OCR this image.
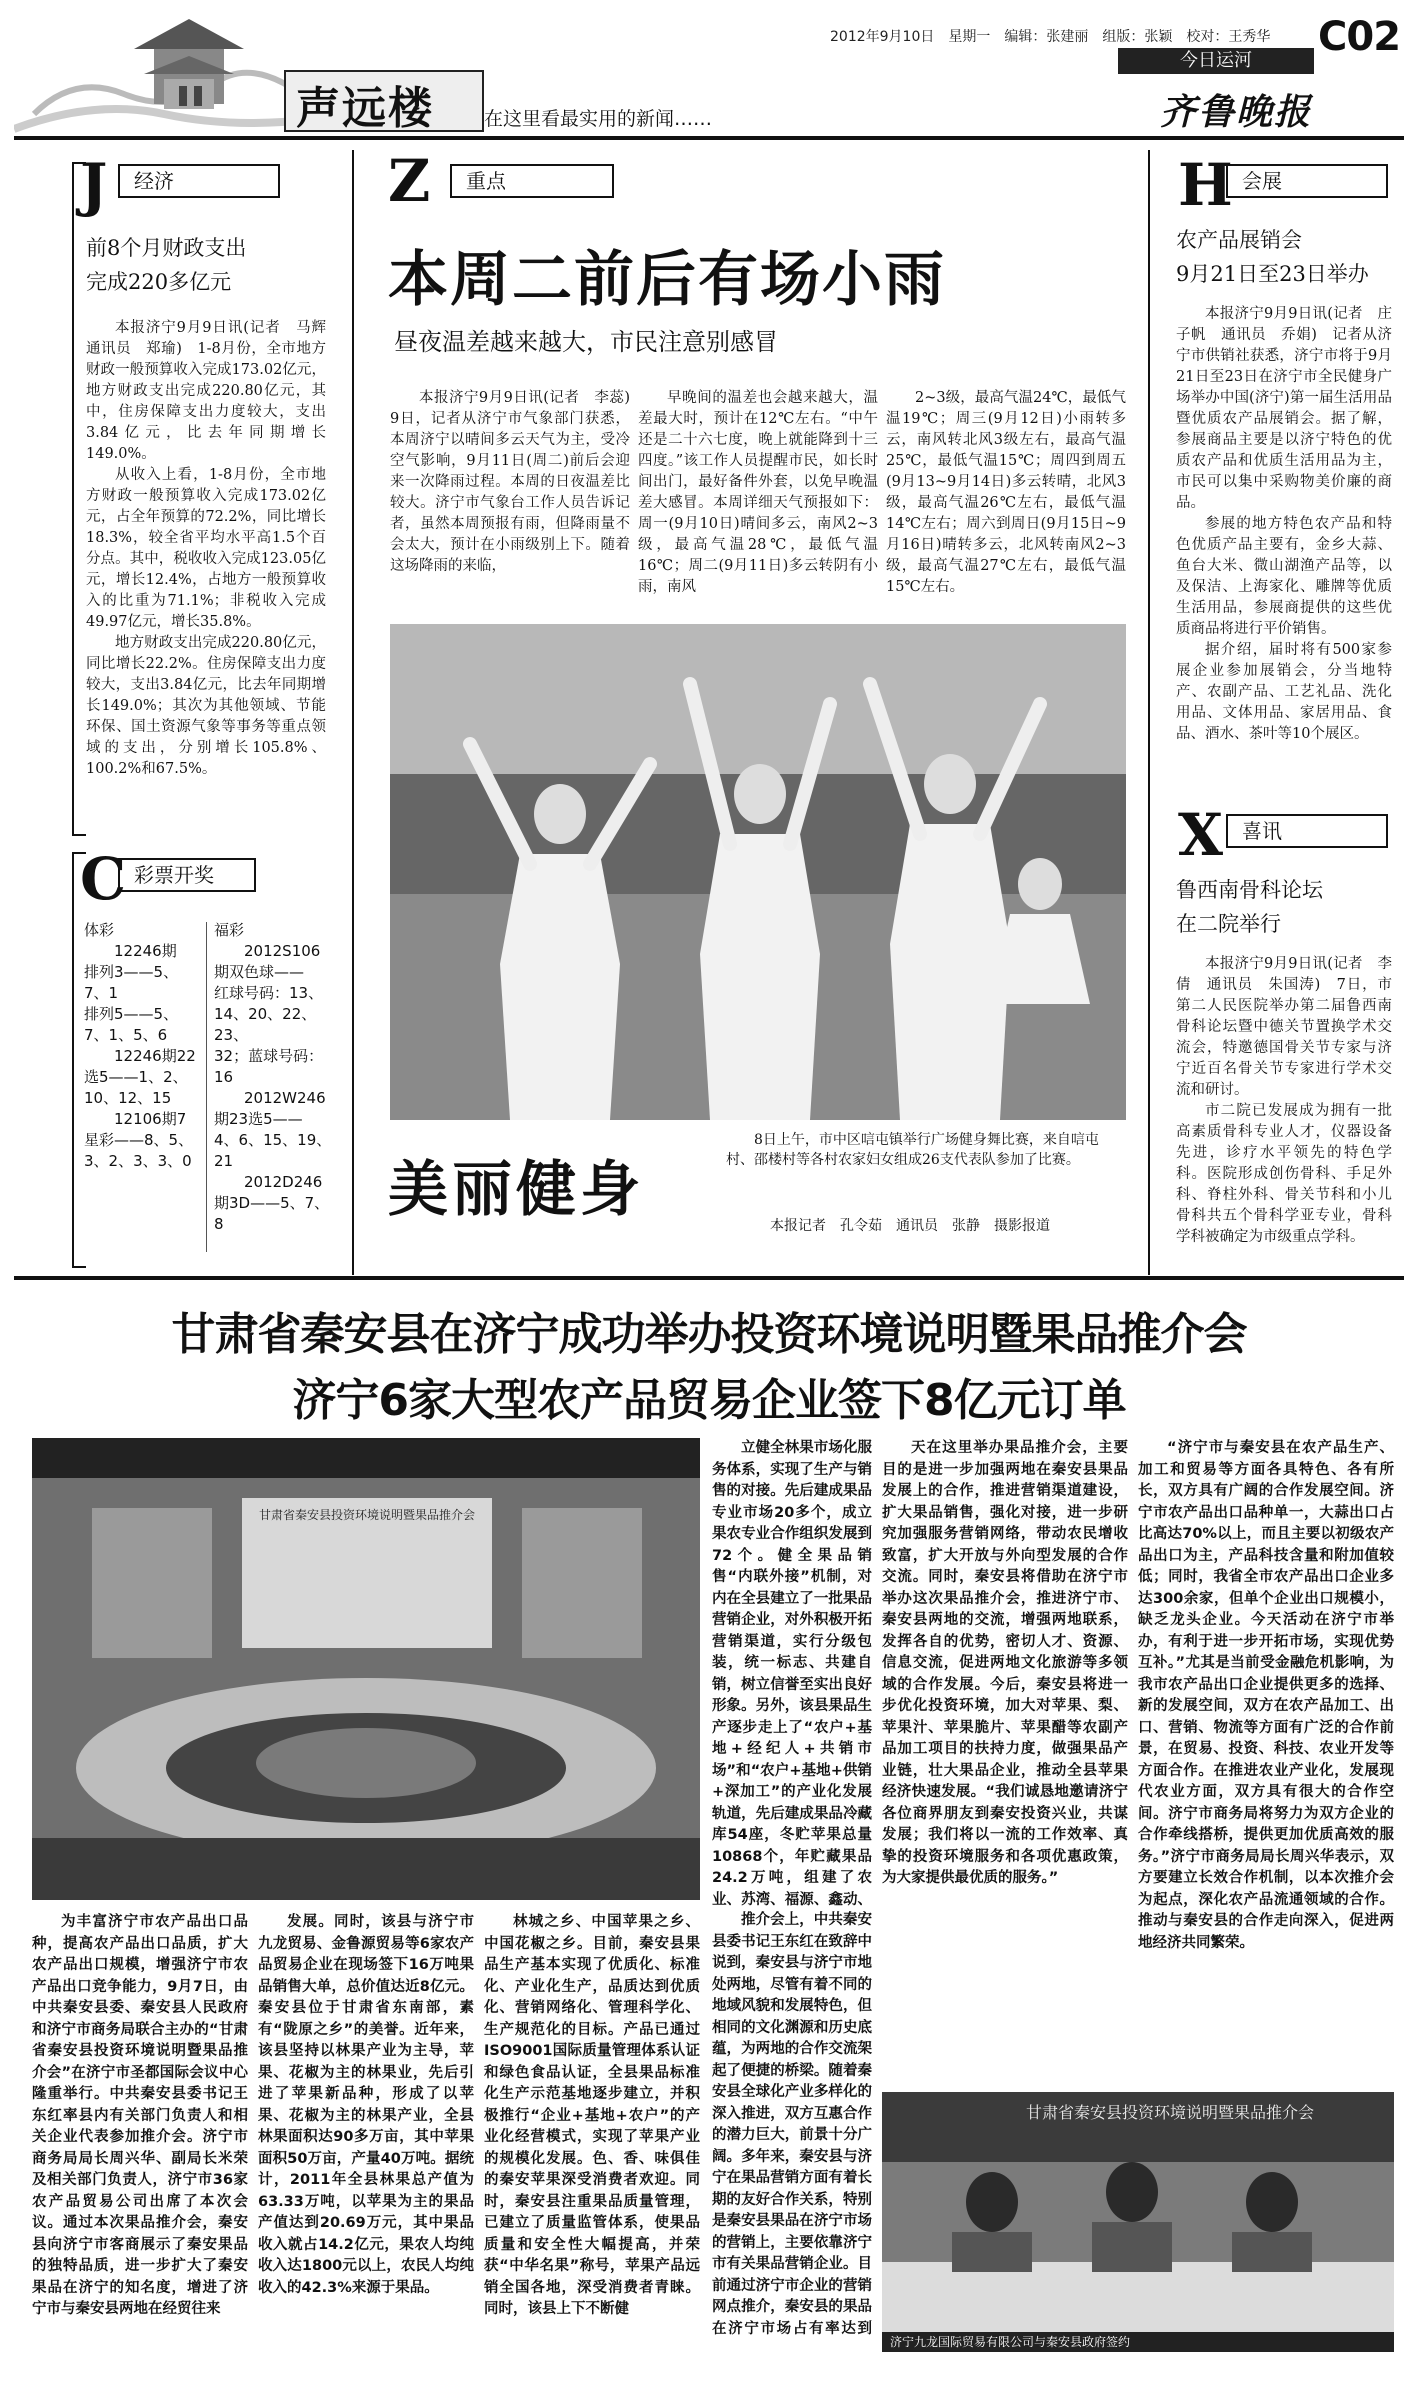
2012年9月10日　星期一　编辑：张建丽　组版：张颖　校对：王秀华 C02
今日运河
齐鲁晚报
声远楼	在这里看最实用的新闻……
J	经济
前8个月财政支出
完成220多亿元

本报济宁9月9日讯(记者　马辉　通讯员　郑瑜)　1-8月份，全市地方财政一般预算收入完成173.02亿元，地方财政支出完成220.80亿元，其中，住房保障支出力度较大，支出3.84亿元，比去年同期增长149.0%。

从收入上看，1-8月份，全市地方财政一般预算收入完成173.02亿元，占全年预算的72.2%，同比增长18.3%，较全省平均水平高1.5个百分点。其中，税收收入完成123.05亿元，增长12.4%，占地方一般预算收入的比重为71.1%；非税收入完成49.97亿元，增长35.8%。

地方财政支出完成220.80亿元，同比增长22.2%。住房保障支出力度较大，支出3.84亿元，比去年同期增长149.0%；其次为其他领域、节能环保、国土资源气象等事务等重点领域的支出，分别增长105.8%、100.2%和67.5%。

C 彩票开奖
体彩
　　12246期
排列3——5、
7、1
排列5——5、
7、1、5、6
　　12246期22
选5——1、2、
10、12、15
　　12106期7
星彩——8、5、
3、2、3、3、0
福彩
　　2012S106
期双色球——
红球号码：13、
14、20、22、23、
32；蓝球号码：
16
　　2012W246
期23选5——
4、6、15、19、21
　　2012D246
期3D——5、7、
8
Z	重点
本周二前后有场小雨
昼夜温差越来越大，市民注意别感冒
本报济宁9月9日讯(记者　李蕊)　9日，记者从济宁市气象部门获悉，本周济宁以晴间多云天气为主，受冷空气影响，9月11日(周二)前后会迎来一次降雨过程。本周的日夜温差比较大。济宁市气象台工作人员告诉记者，虽然本周预报有雨，但降雨量不会太大，预计在小雨级别上下。随着这场降雨的来临，
早晚间的温差也会越来越大，温差最大时，预计在12℃左右。“中午还是二十六七度，晚上就能降到十三四度。”该工作人员提醒市民，如长时间出门，最好备件外套，以免早晚温差大感冒。本周详细天气预报如下：周一(9月10日)晴间多云，南风2~3级，最高气温28℃，最低气温16℃；周二(9月11日)多云转阴有小雨，南风
2~3级，最高气温24℃，最低气温19℃；周三(9月12日)小雨转多云，南风转北风3级左右，最高气温25℃，最低气温15℃；周四到周五(9月13~9月14日)多云转晴，北风3级，最高气温26℃左右，最低气温14℃左右；周六到周日(9月15日~9月16日)晴转多云，北风转南风2~3级，最高气温27℃左右，最低气温15℃左右。
美丽健身
8日上午，市中区唁屯镇举行广场健身舞比赛，来自唁屯村、邵楼村等各村农家妇女组成26支代表队参加了比赛。
本报记者　孔令茹　通讯员　张静　摄影报道
H 会展
农产品展销会
9月21日至23日举办

本报济宁9月9日讯(记者　庄子帆　通讯员　乔娟)　记者从济宁市供销社获悉，济宁市将于9月21日至23日在济宁市全民健身广场举办中国(济宁)第一届生活用品暨优质农产品展销会。据了解，参展商品主要是以济宁特色的优质农产品和优质生活用品为主，市民可以集中采购物美价廉的商品。

参展的地方特色农产品和特色优质产品主要有，金乡大蒜、鱼台大米、微山湖渔产品等，以及保洁、上海家化、雕牌等优质生活用品，参展商提供的这些优质商品将进行平价销售。

据介绍，届时将有500家参展企业参加展销会，分当地特产、农副产品、工艺礼品、洗化用品、文体用品、家居用品、食品、酒水、茶叶等10个展区。

X 喜讯
鲁西南骨科论坛
在二院举行

本报济宁9月9日讯(记者　李倩　通讯员　朱国涛)　7日，市第二人民医院举办第二届鲁西南骨科论坛暨中德关节置换学术交流会，特邀德国骨关节专家与济宁近百名骨关节专家进行学术交流和研讨。

市二院已发展成为拥有一批高素质骨科专业人才，仪器设备先进，诊疗水平领先的特色学科。医院形成创伤骨科、手足外科、脊柱外科、骨关节科和小儿骨科共五个骨科学亚专业，骨科学科被确定为市级重点学科。

甘肃省秦安县在济宁成功举办投资环境说明暨果品推介会
济宁6家大型农产品贸易企业签下8亿元订单
甘肃省秦安县投资环境说明暨果品推介会
立健全林果市场化服务体系，实现了生产与销售的对接。先后建成果品专业市场20多个，成立果农专业合作组织发展到72个。健全果品销售“内联外接”机制，对内在全县建立了一批果品营销企业，对外积极开拓营销渠道，实行分级包装，统一标志、共建自销，树立信誉至实出良好形象。另外，该县果品生产逐步走上了“农户+基地+经纪人+共销市场”和“农户+基地+供销+深加工”的产业化发展轨道，先后建成果品冷藏库54座，冬贮苹果总量10868个，年贮藏果品24.2万吨，组建了农业、苏湾、福源、鑫动、
推介会上，中共秦安县委书记王东红在致辞中说到，秦安县与济宁市地处两地，尽管有着不同的地域风貌和发展特色，但相同的文化渊源和历史底蕴，为两地的合作交流架起了便捷的桥梁。随着秦安县全球化产业多样化的深入推进，双方互惠合作的潜力巨大，前景十分广阔。多年来，秦安县与济宁在果品营销方面有着长期的友好合作关系，特别是秦安县果品在济宁市场的营销上，主要依靠济宁市有关果品营销企业。目前通过济宁市企业的营销网点推介，秦安县的果品在济宁市场占有率达到
天在这里举办果品推介会，主要目的是进一步加强两地在秦安县果品发展上的合作，推进营销渠道建设，扩大果品销售，强化对接，进一步研究加强服务营销网络，带动农民增收致富，扩大开放与外向型发展的合作交流。同时，秦安县将借助在济宁市举办这次果品推介会，推进济宁市、秦安县两地的交流，增强两地联系，发挥各自的优势，密切人才、资源、信息交流，促进两地文化旅游等多领域的合作发展。今后，秦安县将进一步优化投资环境，加大对苹果、梨、苹果汁、苹果脆片、苹果醋等农副产品加工项目的扶持力度，做强果品产业链，壮大果品企业，推动全县苹果经济快速发展。“我们诚恳地邀请济宁各位商界朋友到秦安投资兴业，共谋发展；我们将以一流的工作效率、真挚的投资环境服务和各项优惠政策，为大家提供最优质的服务。”
“济宁市与秦安县在农产品生产、加工和贸易等方面各具特色、各有所长，双方具有广阔的合作发展空间。济宁市农产品出口品种单一，大蒜出口占比高达70%以上，而且主要以初级农产品出口为主，产品科技含量和附加值较低；同时，我省全市农产品出口企业多达300余家，但单个企业出口规模小，缺乏龙头企业。今天活动在济宁市举办，有利于进一步开拓市场，实现优势互补。”尤其是当前受金融危机影响，为我市农产品出口企业提供更多的选择、新的发展空间，双方在农产品加工、出口、营销、物流等方面有广泛的合作前景，在贸易、投资、科技、农业开发等方面合作。在推进农业产业化，发展现代农业方面，双方具有很大的合作空间。济宁市商务局将努力为双方企业的合作牵线搭桥，提供更加优质高效的服务。”济宁市商务局局长周兴华表示，双方要建立长效合作机制，以本次推介会为起点，深化农产品流通领域的合作。推动与秦安县的合作走向深入，促进两地经济共同繁荣。
为丰富济宁市农产品出口品种，提高农产品出口品质，扩大农产品出口规模，增强济宁市农产品出口竞争能力，9月7日，由中共秦安县委、秦安县人民政府和济宁市商务局联合主办的“甘肃省秦安县投资环境说明暨果品推介会”在济宁市圣都国际会议中心隆重举行。中共秦安县委书记王东红率县内有关部门负责人和相关企业代表参加推介会。济宁市商务局局长周兴华、副局长米荣及相关部门负责人，济宁市36家农产品贸易公司出席了本次会议。通过本次果品推介会，秦安县向济宁市客商展示了秦安果品的独特品质，进一步扩大了秦安果品在济宁的知名度，增进了济宁市与秦安县两地在经贸往来
发展。同时，该县与济宁市九龙贸易、金鲁源贸易等6家农产品贸易企业在现场签下16万吨果品销售大单，总价值达近8亿元。秦安县位于甘肃省东南部，素有“陇原之乡”的美誉。近年来，该县坚持以林果产业为主导，苹果、花椒为主的林果业，先后引进了苹果新品种，形成了以苹果、花椒为主的林果产业，全县林果面积达90多万亩，其中苹果面积50万亩，产量40万吨。据统计，2011年全县林果总产值为63.33万吨，以苹果为主的果品产值达到20.69万元，其中果品收入就占14.2亿元，果农人均纯收入达1800元以上，农民人均纯收入的42.3%来源于果品。
林城之乡、中国苹果之乡、中国花椒之乡。目前，秦安县果品生产基本实现了优质化、标准化、产业化生产，品质达到优质化、营销网络化、管理科学化、生产规范化的目标。产品已通过ISO9001国际质量管理体系认证和绿色食品认证，全县果品标准化生产示范基地逐步建立，并积极推行“企业+基地+农户”的产业化经营模式，实现了苹果产业的规模化发展。色、香、味俱佳的秦安苹果深受消费者欢迎。同时，秦安县注重果品质量管理，已建立了质量监管体系，使果品质量和安全性大幅提高，并荣获“中华名果”称号，苹果产品远销全国各地，深受消费者青睐。同时，该县上下不断健
甘肃省秦安县投资环境说明暨果品推介会
济宁九龙国际贸易有限公司与秦安县政府签约
